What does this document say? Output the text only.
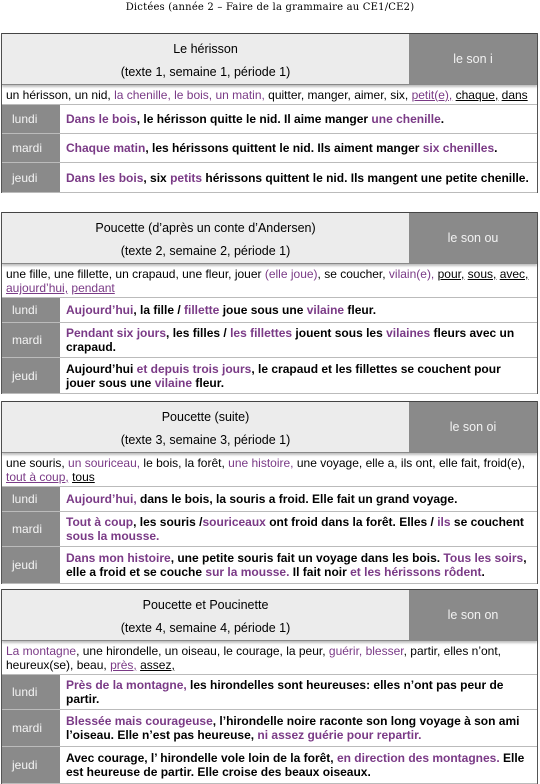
Dictées (année 2 – Faire de la grammaire au CE1/CE2)
Le hérisson
(texte 1, semaine 1, période 1)
le son i
un hérisson, un nid, la chenille, le bois, un matin, quitter, manger, aimer, six, petit(e), chaque, dans
lundi	Dans le bois, le hérisson quitte le nid. Il aime manger une chenille.
mardi	Chaque matin, les hérissons quittent le nid. Ils aiment manger six chenilles.
jeudi	Dans les bois, six petits hérissons quittent le nid. Ils mangent une petite chenille.
Poucette (d’après un conte d’Andersen)
(texte 2, semaine 2, période 1)
le son ou
une fille, une fillette, un crapaud, une fleur, jouer (elle joue), se coucher, vilain(e), pour, sous, avec, aujourd’hui, pendant
lundi	Aujourd’hui, la fille / fillette joue sous une vilaine fleur.
mardi	Pendant six jours, les filles / les fillettes jouent sous les vilaines fleurs avec un crapaud.
jeudi	Aujourd’hui et depuis trois jours, le crapaud et les fillettes se couchent pour jouer sous une vilaine fleur.
Poucette (suite)
(texte 3, semaine 3, période 1)
le son oi
une souris, un souriceau, le bois, la forêt, une histoire, une voyage, elle a, ils ont, elle fait, froid(e), tout à coup, tous
lundi	Aujourd’hui, dans le bois, la souris a froid. Elle fait un grand voyage.
mardi	Tout à coup, les souris /souriceaux ont froid dans la forêt. Elles / ils se couchent sous la mousse.
jeudi	Dans mon histoire, une petite souris fait un voyage dans les bois. Tous les soirs, elle a froid et se couche sur la mousse. Il fait noir et les hérissons rôdent.
Poucette et Poucinette
(texte 4, semaine 4, période 1)
le son on
La montagne, une hirondelle, un oiseau, le courage, la peur, guérir, blesser, partir, elles n’ont, heureux(se), beau, près, assez,
lundi	Près de la montagne, les hirondelles sont heureuses: elles n’ont pas peur de partir.
mardi	Blessée mais courageuse, l’hirondelle noire raconte son long voyage à son ami l’oiseau. Elle n’est pas heureuse, ni assez guérie pour repartir.
jeudi	Avec courage, l’ hirondelle vole loin de la forêt, en direction des montagnes. Elle est heureuse de partir. Elle croise des beaux oiseaux.
